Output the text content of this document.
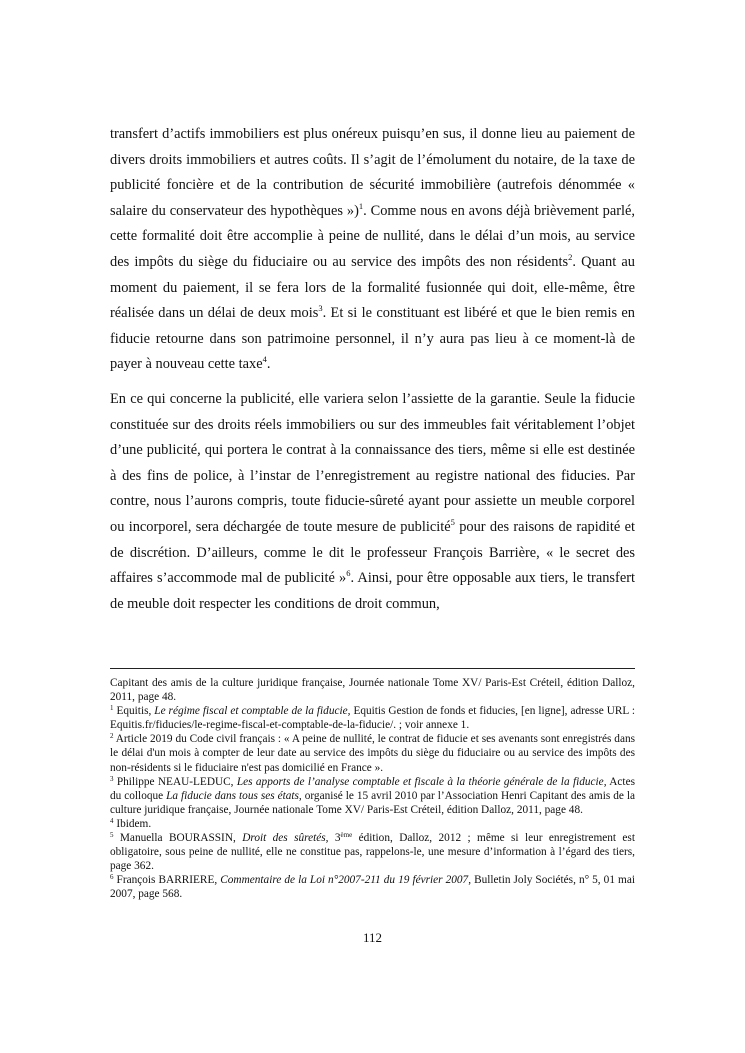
transfert d’actifs immobiliers est plus onéreux puisqu’en sus, il donne lieu au paiement de divers droits immobiliers et autres coûts. Il s’agit de l’émolument du notaire, de la taxe de publicité foncière et de la contribution de sécurité immobilière (autrefois dénommée « salaire du conservateur des hypothèques »)$^1$. Comme nous en avons déjà brièvement parlé, cette formalité doit être accomplie à peine de nullité, dans le délai d’un mois, au service des impôts du siège du fiduciaire ou au service des impôts des non résidents$^2$. Quant au moment du paiement, il se fera lors de la formalité fusionnée qui doit, elle-même, être réalisée dans un délai de deux mois$^3$. Et si le constituant est libéré et que le bien remis en fiducie retourne dans son patrimoine personnel, il n’y aura pas lieu à ce moment-là de payer à nouveau cette taxe$^4$.

En ce qui concerne la publicité, elle variera selon l’assiette de la garantie. Seule la fiducie constituée sur des droits réels immobiliers ou sur des immeubles fait véritablement l’objet d’une publicité, qui portera le contrat à la connaissance des tiers, même si elle est destinée à des fins de police, à l’instar de l’enregistrement au registre national des fiducies. Par contre, nous l’aurons compris, toute fiducie-sûreté ayant pour assiette un meuble corporel ou incorporel, sera déchargée de toute mesure de publicité$^5$ pour des raisons de rapidité et de discrétion. D’ailleurs, comme le dit le professeur François Barrière, « le secret des affaires s’accommode mal de publicité »$^6$. Ainsi, pour être opposable aux tiers, le transfert de meuble doit respecter les conditions de droit commun,

Capitant des amis de la culture juridique française, Journée nationale Tome XV/ Paris-Est Créteil, édition Dalloz, 2011, page 48.

$^1$ Equitis, Le régime fiscal et comptable de la fiducie, Equitis Gestion de fonds et fiducies, [en ligne], adresse URL : Equitis.fr/fiducies/le-regime-fiscal-et-comptable-de-la-fiducie/. ; voir annexe 1.

$^2$ Article 2019 du Code civil français : « A peine de nullité, le contrat de fiducie et ses avenants sont enregistrés dans le délai d'un mois à compter de leur date au service des impôts du siège du fiduciaire ou au service des impôts des non-résidents si le fiduciaire n'est pas domicilié en France ».

$^3$ Philippe NEAU-LEDUC, Les apports de l’analyse comptable et fiscale à la théorie générale de la fiducie, Actes du colloque La fiducie dans tous ses états, organisé le 15 avril 2010 par l’Association Henri Capitant des amis de la culture juridique française, Journée nationale Tome XV/ Paris-Est Créteil, édition Dalloz, 2011, page 48.

$^4$ Ibidem.

$^5$ Manuella BOURASSIN, Droit des sûretés, 3ème édition, Dalloz, 2012 ; même si leur enregistrement est obligatoire, sous peine de nullité, elle ne constitue pas, rappelons-le, une mesure d’information à l’égard des tiers, page 362.

$^6$ François BARRIERE, Commentaire de la Loi n°2007-211 du 19 février 2007, Bulletin Joly Sociétés, n° 5, 01 mai 2007, page 568.

112
